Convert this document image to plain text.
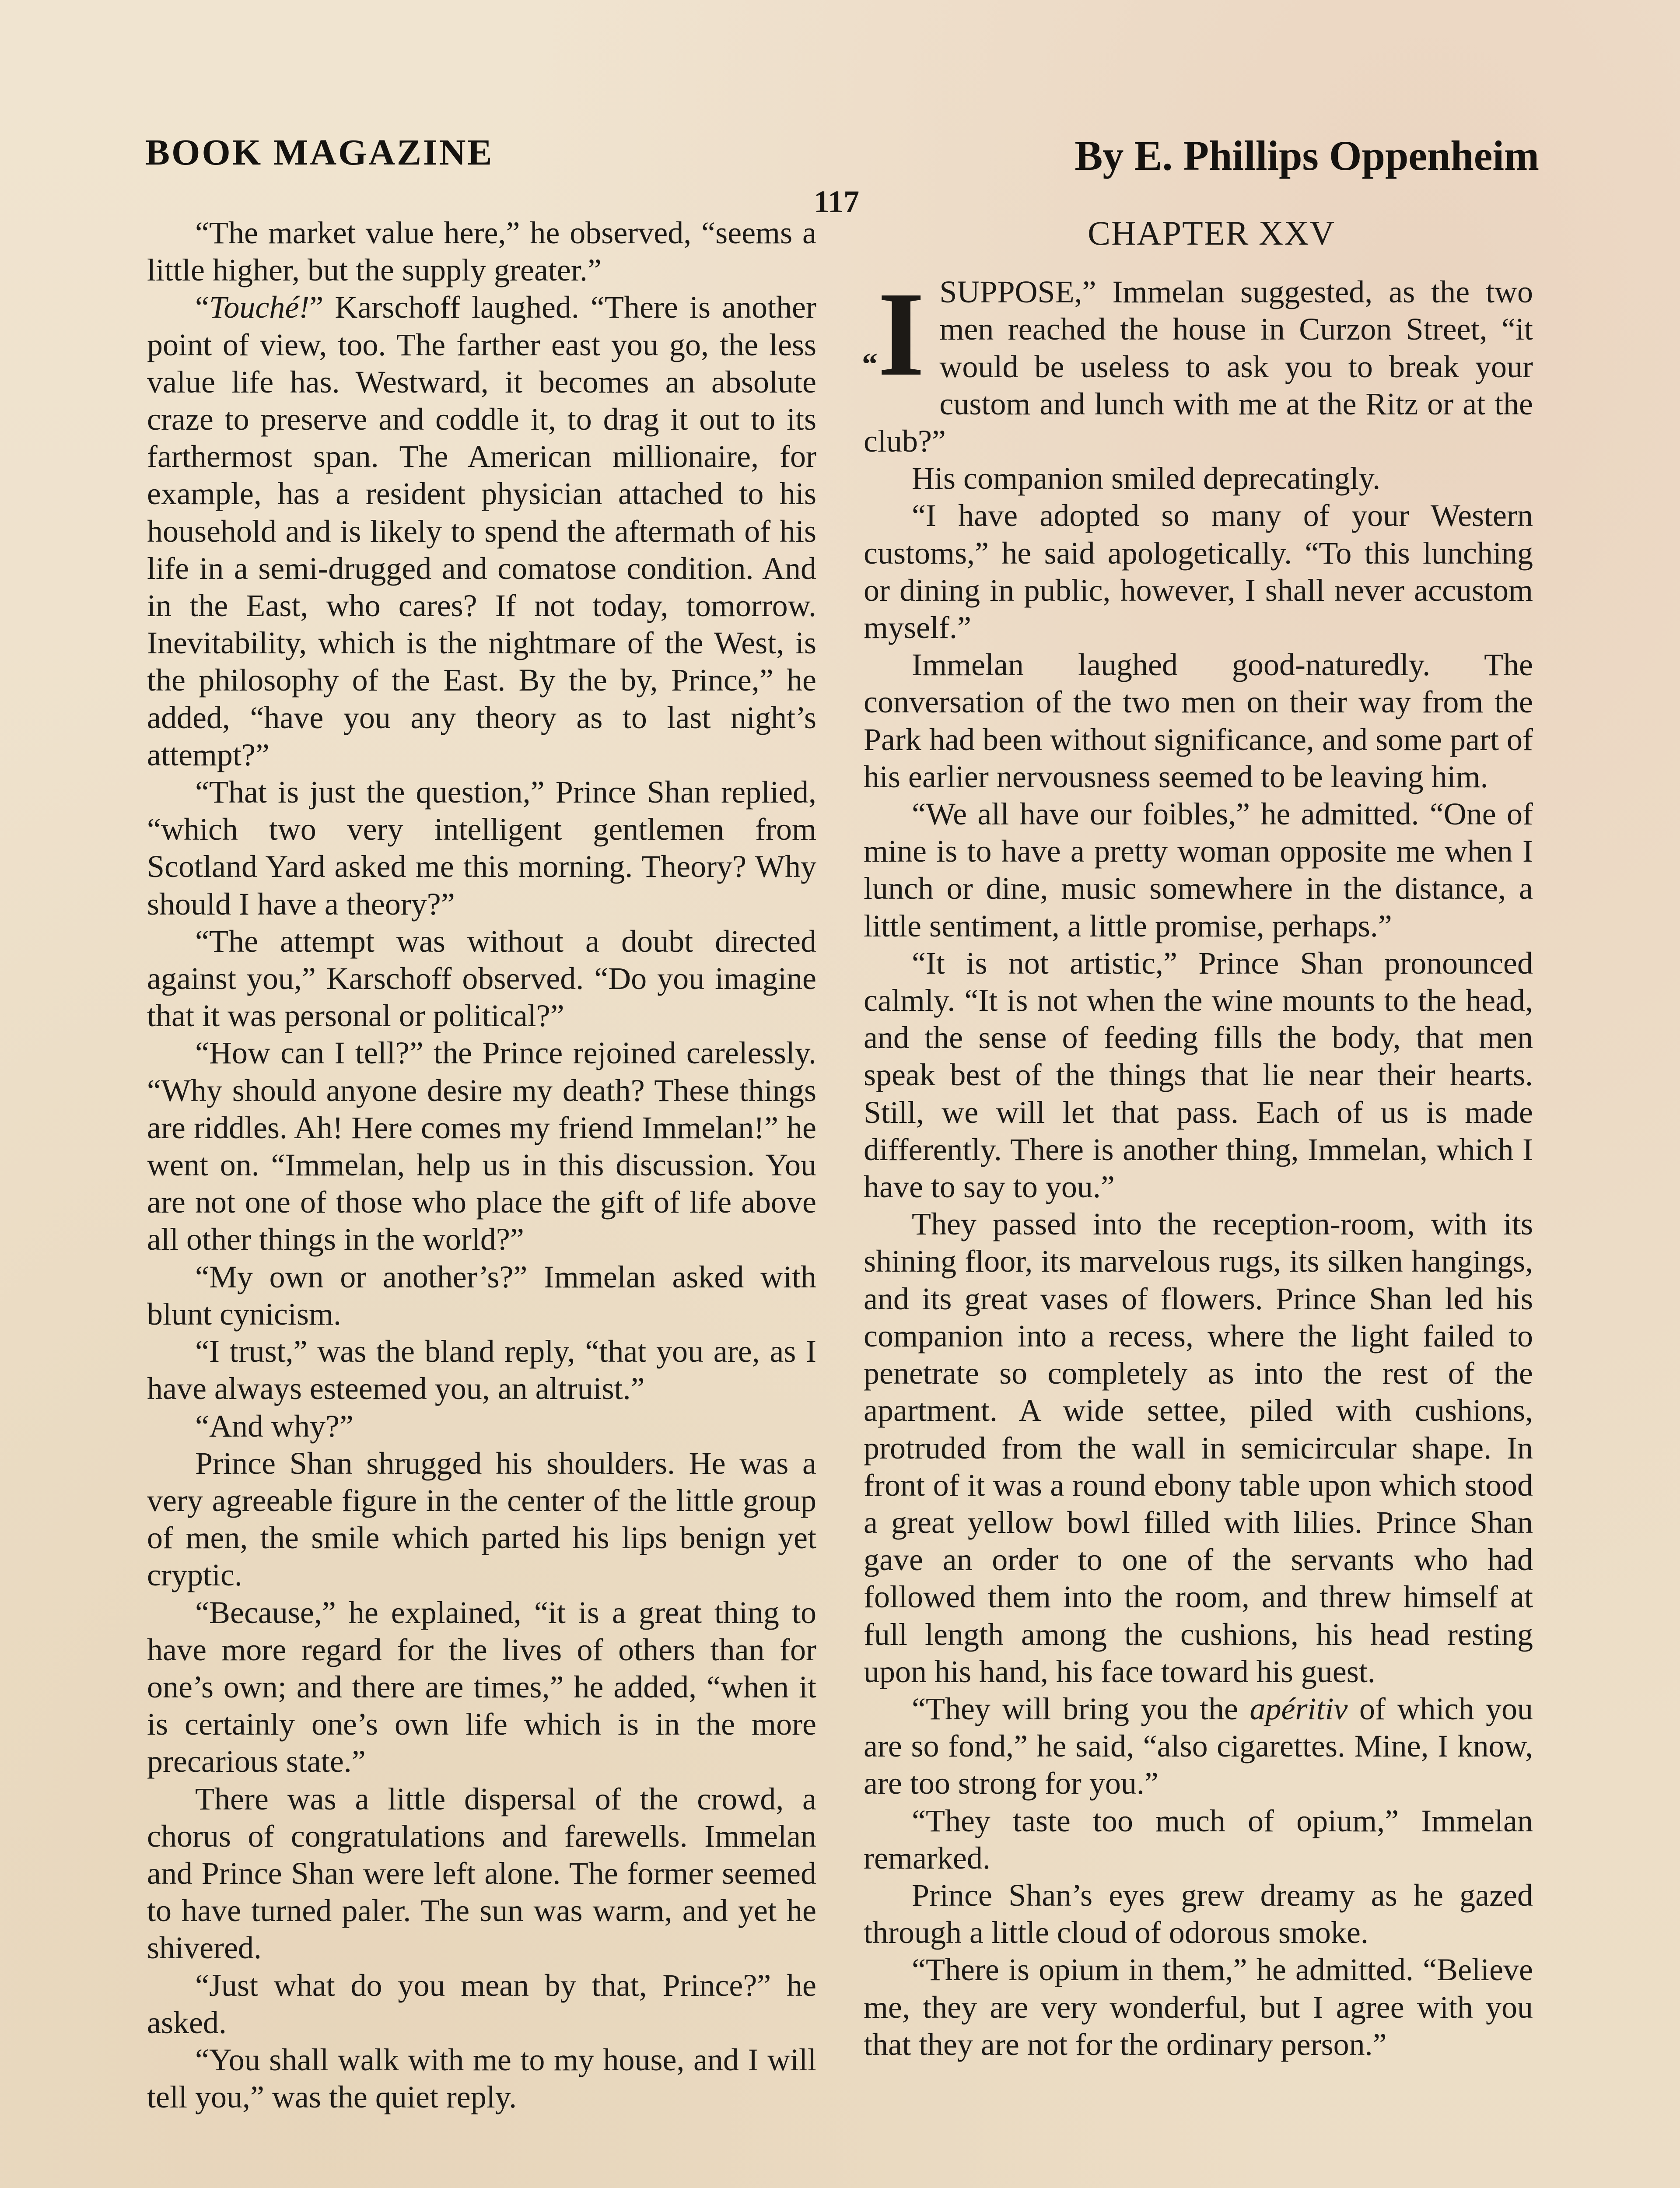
BOOK MAGAZINE	By E. Phillips Oppenheim
117

“The market value here,” he observed, “seems a little higher, but the supply greater.”

“Touché!” Karschoff laughed. “There is another point of view, too. The farther east you go, the less value life has. Westward, it becomes an absolute craze to preserve and coddle it, to drag it out to its farthermost span. The American millionaire, for example, has a resident physician attached to his household and is likely to spend the aftermath of his life in a semi-drugged and comatose condition. And in the East, who cares? If not today, tomorrow. Inevitability, which is the nightmare of the West, is the philosophy of the East. By the by, Prince,” he added, “have you any theory as to last night’s attempt?”

“That is just the question,” Prince Shan replied, “which two very intelligent gentlemen from Scotland Yard asked me this morning. Theory? Why should I have a theory?”

“The attempt was without a doubt directed against you,” Karschoff observed. “Do you imagine that it was personal or political?”

“How can I tell?” the Prince rejoined carelessly. “Why should anyone desire my death? These things are riddles. Ah! Here comes my friend Immelan!” he went on. “Immelan, help us in this discussion. You are not one of those who place the gift of life above all other things in the world?”

“My own or another’s?” Immelan asked with blunt cynicism.

“I trust,” was the bland reply, “that you are, as I have always esteemed you, an altruist.”

“And why?”

Prince Shan shrugged his shoulders. He was a very agreeable figure in the center of the little group of men, the smile which parted his lips benign yet cryptic.

“Because,” he explained, “it is a great thing to have more regard for the lives of others than for one’s own; and there are times,” he added, “when it is certainly one’s own life which is in the more precarious state.”

There was a little dispersal of the crowd, a chorus of congratulations and farewells. Immelan and Prince Shan were left alone. The former seemed to have turned paler. The sun was warm, and yet he shivered.

“Just what do you mean by that, Prince?” he asked.

“You shall walk with me to my house, and I will tell you,” was the quiet reply.

CHAPTER XXV

“I SUPPOSE,” Immelan suggested, as the two men reached the house in Curzon Street, “it would be useless to ask you to break your custom and lunch with me at the Ritz or at the club?”

His companion smiled deprecatingly.

“I have adopted so many of your Western customs,” he said apologetically. “To this lunching or dining in public, however, I shall never accustom myself.”

Immelan laughed good-naturedly. The conversation of the two men on their way from the Park had been without significance, and some part of his earlier nervousness seemed to be leaving him.

“We all have our foibles,” he admitted. “One of mine is to have a pretty woman opposite me when I lunch or dine, music somewhere in the distance, a little sentiment, a little promise, perhaps.”

“It is not artistic,” Prince Shan pronounced calmly. “It is not when the wine mounts to the head, and the sense of feeding fills the body, that men speak best of the things that lie near their hearts. Still, we will let that pass. Each of us is made differently. There is another thing, Immelan, which I have to say to you.”

They passed into the reception-room, with its shining floor, its marvelous rugs, its silken hangings, and its great vases of flowers. Prince Shan led his companion into a recess, where the light failed to penetrate so completely as into the rest of the apartment. A wide settee, piled with cushions, protruded from the wall in semicircular shape. In front of it was a round ebony table upon which stood a great yellow bowl filled with lilies. Prince Shan gave an order to one of the servants who had followed them into the room, and threw himself at full length among the cushions, his head resting upon his hand, his face toward his guest.

“They will bring you the apéritiv of which you are so fond,” he said, “also cigarettes. Mine, I know, are too strong for you.”

“They taste too much of opium,” Immelan remarked.

Prince Shan’s eyes grew dreamy as he gazed through a little cloud of odorous smoke.

“There is opium in them,” he admitted. “Believe me, they are very wonderful, but I agree with you that they are not for the ordinary person.”
